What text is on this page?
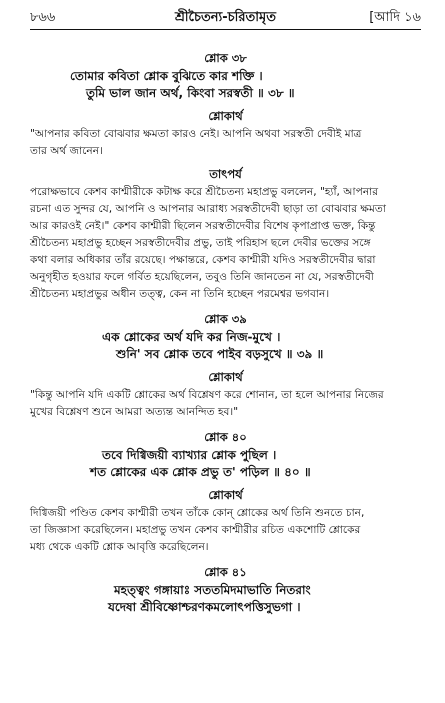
৮৬৬	শ্রীচৈতন্য-চরিতামৃত	[আদি ১৬

শ্লোক ৩৮

তোমার কবিতা শ্লোক বুঝিতে কার শক্তি ।

তুমি ভাল জান অর্থ, কিংবা সরস্বতী ॥ ৩৮ ॥

শ্লোকার্থ

"আপনার কবিতা বোঝবার ক্ষমতা কারও নেই। আপনি অথবা সরস্বতী দেবীই মাত্র

তার অর্থ জানেন।

তাৎপর্য

পরোক্ষভাবে কেশব কাশ্মীরীকে কটাক্ষ করে শ্রীচৈতন্য মহাপ্রভু বললেন, "হ্যাঁ, আপনার

রচনা এত সুন্দর যে, আপনি ও আপনার আরাধ্য সরস্বতীদেবী ছাড়া তা বোঝবার ক্ষমতা

আর কারওই নেই।" কেশব কাশ্মীরী ছিলেন সরস্বতীদেবীর বিশেষ কৃপাপ্রাপ্ত ভক্ত, কিন্তু

শ্রীচৈতন্য মহাপ্রভু হচ্ছেন সরস্বতীদেবীর প্রভু, তাই পরিহাস ছলে দেবীর ভক্তের সঙ্গে

কথা বলার অধিকার তাঁর রয়েছে। পক্ষান্তরে, কেশব কাশ্মীরী যদিও সরস্বতীদেবীর দ্বারা

অনুগৃহীত হওয়ার ফলে গর্বিত হয়েছিলেন, তবুও তিনি জানতেন না যে, সরস্বতীদেবী

শ্রীচৈতন্য মহাপ্রভুর অধীন তত্ত্ব, কেন না তিনি হচ্ছেন পরমেশ্বর ভগবান।

শ্লোক ৩৯

এক শ্লোকের অর্থ যদি কর নিজ-মুখে ।

শুনি' সব শ্লোক তবে পাইব বড়সুখে ॥ ৩৯ ॥

শ্লোকার্থ

"কিন্তু আপনি যদি একটি শ্লোকের অর্থ বিশ্লেষণ করে শোনান, তা হলে আপনার নিজের

মুখের বিশ্লেষণ শুনে আমরা অত্যন্ত আনন্দিত হব।"

শ্লোক ৪০

তবে দিগ্বিজয়ী ব্যাখ্যার শ্লোক পুছিল ।

শত শ্লোকের এক শ্লোক প্রভু ত' পড়িল ॥ ৪০ ॥

শ্লোকার্থ

দিগ্বিজয়ী পণ্ডিত কেশব কাশ্মীরী তখন তাঁকে কোন্ শ্লোকের অর্থ তিনি শুনতে চান,

তা জিজ্ঞাসা করেছিলেন। মহাপ্রভু তখন কেশব কাশ্মীরীর রচিত একশোটি শ্লোকের

মধ্য থেকে একটি শ্লোক আবৃত্তি করেছিলেন।

শ্লোক ৪১

মহত্ত্বং গঙ্গায়াঃ সততমিদমাভাতি নিতরাং

যদেষা শ্রীবিষ্ণোশ্চরণকমলোৎপত্তিসুভগা ।
